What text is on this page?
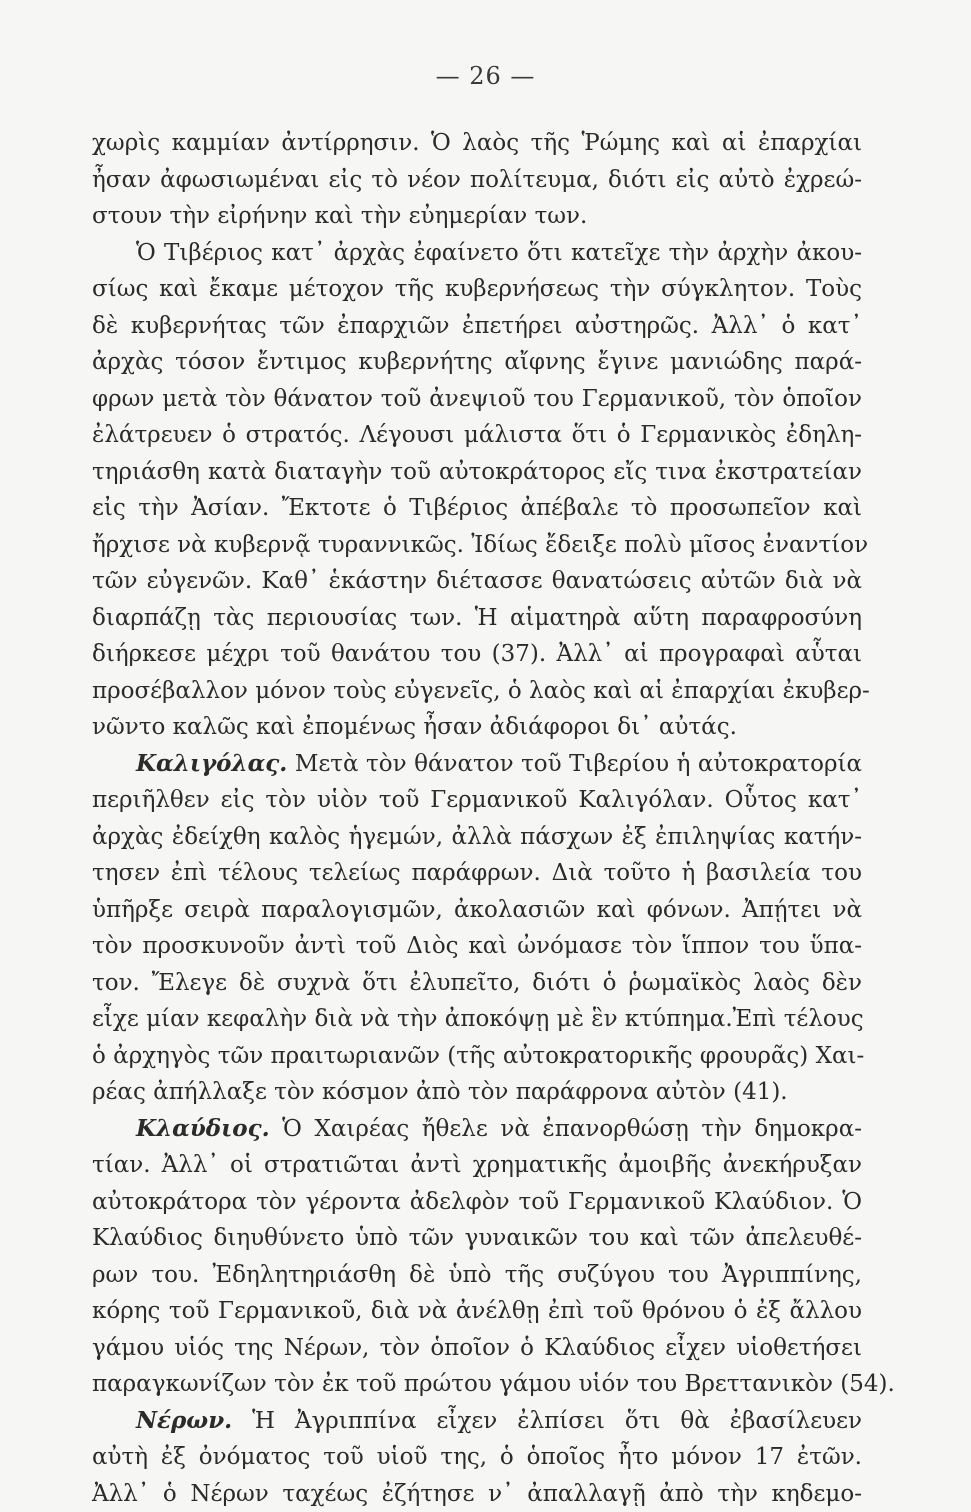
— 26 —
χωρὶς καμμίαν ἀντίρρησιν. Ὁ λαὸς τῆς Ῥώμης καὶ αἱ ἐπαρχίαι
ἦσαν ἀφωσιωμέναι εἰς τὸ νέον πολίτευμα, διότι εἰς αὐτὸ ἐχρεώ-
στουν τὴν εἰρήνην καὶ τὴν εὐημερίαν των.
Ὁ Τιβέριος κατ᾽ ἀρχὰς ἐφαίνετο ὅτι κατεῖχε τὴν ἀρχὴν ἀκου-
σίως καὶ ἔκαμε μέτοχον τῆς κυβερνήσεως τὴν σύγκλητον. Τοὺς
δὲ κυβερνήτας τῶν ἐπαρχιῶν ἐπετήρει αὐστηρῶς. Ἀλλ᾽ ὁ κατ᾽
ἀρχὰς τόσον ἔντιμος κυβερνήτης αἴφνης ἔγινε μανιώδης παρά-
φρων μετὰ τὸν θάνατον τοῦ ἀνεψιοῦ του Γερμανικοῦ, τὸν ὁποῖον
ἐλάτρευεν ὁ στρατός. Λέγουσι μάλιστα ὅτι ὁ Γερμανικὸς ἐδηλη-
τηριάσθη κατὰ διαταγὴν τοῦ αὐτοκράτορος εἴς τινα ἐκστρατείαν
εἰς τὴν Ἀσίαν. Ἔκτοτε ὁ Τιβέριος ἀπέβαλε τὸ προσωπεῖον καὶ
ἤρχισε νὰ κυβερνᾷ τυραννικῶς. Ἰδίως ἔδειξε πολὺ μῖσος ἐναντίον
τῶν εὐγενῶν. Καθ᾽ ἑκάστην διέτασσε θανατώσεις αὐτῶν διὰ νὰ
διαρπάζῃ τὰς περιουσίας των. Ἡ αἱματηρὰ αὕτη παραφροσύνη
διήρκεσε μέχρι τοῦ θανάτου του (37). Ἀλλ᾽ αἱ προγραφαὶ αὗται
προσέβαλλον μόνον τοὺς εὐγενεῖς, ὁ λαὸς καὶ αἱ ἐπαρχίαι ἐκυβερ-
νῶντο καλῶς καὶ ἐπομένως ἦσαν ἀδιάφοροι δι᾽ αὐτάς.
Καλιγόλας. Μετὰ τὸν θάνατον τοῦ Τιβερίου ἡ αὐτοκρατορία
περιῆλθεν εἰς τὸν υἱὸν τοῦ Γερμανικοῦ Καλιγόλαν. Οὗτος κατ᾽
ἀρχὰς ἐδείχθη καλὸς ἡγεμών, ἀλλὰ πάσχων ἐξ ἐπιληψίας κατήν-
τησεν ἐπὶ τέλους τελείως παράφρων. Διὰ τοῦτο ἡ βασιλεία του
ὑπῆρξε σειρὰ παραλογισμῶν, ἀκολασιῶν καὶ φόνων. Ἀπῄτει νὰ
τὸν προσκυνοῦν ἀντὶ τοῦ Διὸς καὶ ὠνόμασε τὸν ἵππον του ὕπα-
τον. Ἔλεγε δὲ συχνὰ ὅτι ἐλυπεῖτο, διότι ὁ ῥωμαϊκὸς λαὸς δὲν
εἶχε μίαν κεφαλὴν διὰ νὰ τὴν ἀποκόψῃ μὲ ἓν κτύπημα.Ἐπὶ τέλους
ὁ ἀρχηγὸς τῶν πραιτωριανῶν (τῆς αὐτοκρατορικῆς φρουρᾶς) Χαι-
ρέας ἀπήλλαξε τὸν κόσμον ἀπὸ τὸν παράφρονα αὐτὸν (41).
Κλαύδιος. Ὁ Χαιρέας ἤθελε νὰ ἐπανορθώσῃ τὴν δημοκρα-
τίαν. Ἀλλ᾽ οἱ στρατιῶται ἀντὶ χρηματικῆς ἀμοιβῆς ἀνεκήρυξαν
αὐτοκράτορα τὸν γέροντα ἀδελφὸν τοῦ Γερμανικοῦ Κλαύδιον. Ὁ
Κλαύδιος διηυθύνετο ὑπὸ τῶν γυναικῶν του καὶ τῶν ἀπελευθέ-
ρων του. Ἐδηλητηριάσθη δὲ ὑπὸ τῆς συζύγου του Ἀγριππίνης,
κόρης τοῦ Γερμανικοῦ, διὰ νὰ ἀνέλθῃ ἐπὶ τοῦ θρόνου ὁ ἐξ ἄλλου
γάμου υἱός της Νέρων, τὸν ὁποῖον ὁ Κλαύδιος εἶχεν υἱοθετήσει
παραγκωνίζων τὸν ἐκ τοῦ πρώτου γάμου υἱόν του Βρεττανικὸν (54).
Νέρων. Ἡ Ἀγριππίνα εἶχεν ἐλπίσει ὅτι θὰ ἐβασίλευεν
αὐτὴ ἐξ ὀνόματος τοῦ υἱοῦ της, ὁ ὁποῖος ἦτο μόνον 17 ἐτῶν.
Ἀλλ᾽ ὁ Νέρων ταχέως ἐζήτησε ν᾽ ἀπαλλαγῇ ἀπὸ τὴν κηδεμο-
